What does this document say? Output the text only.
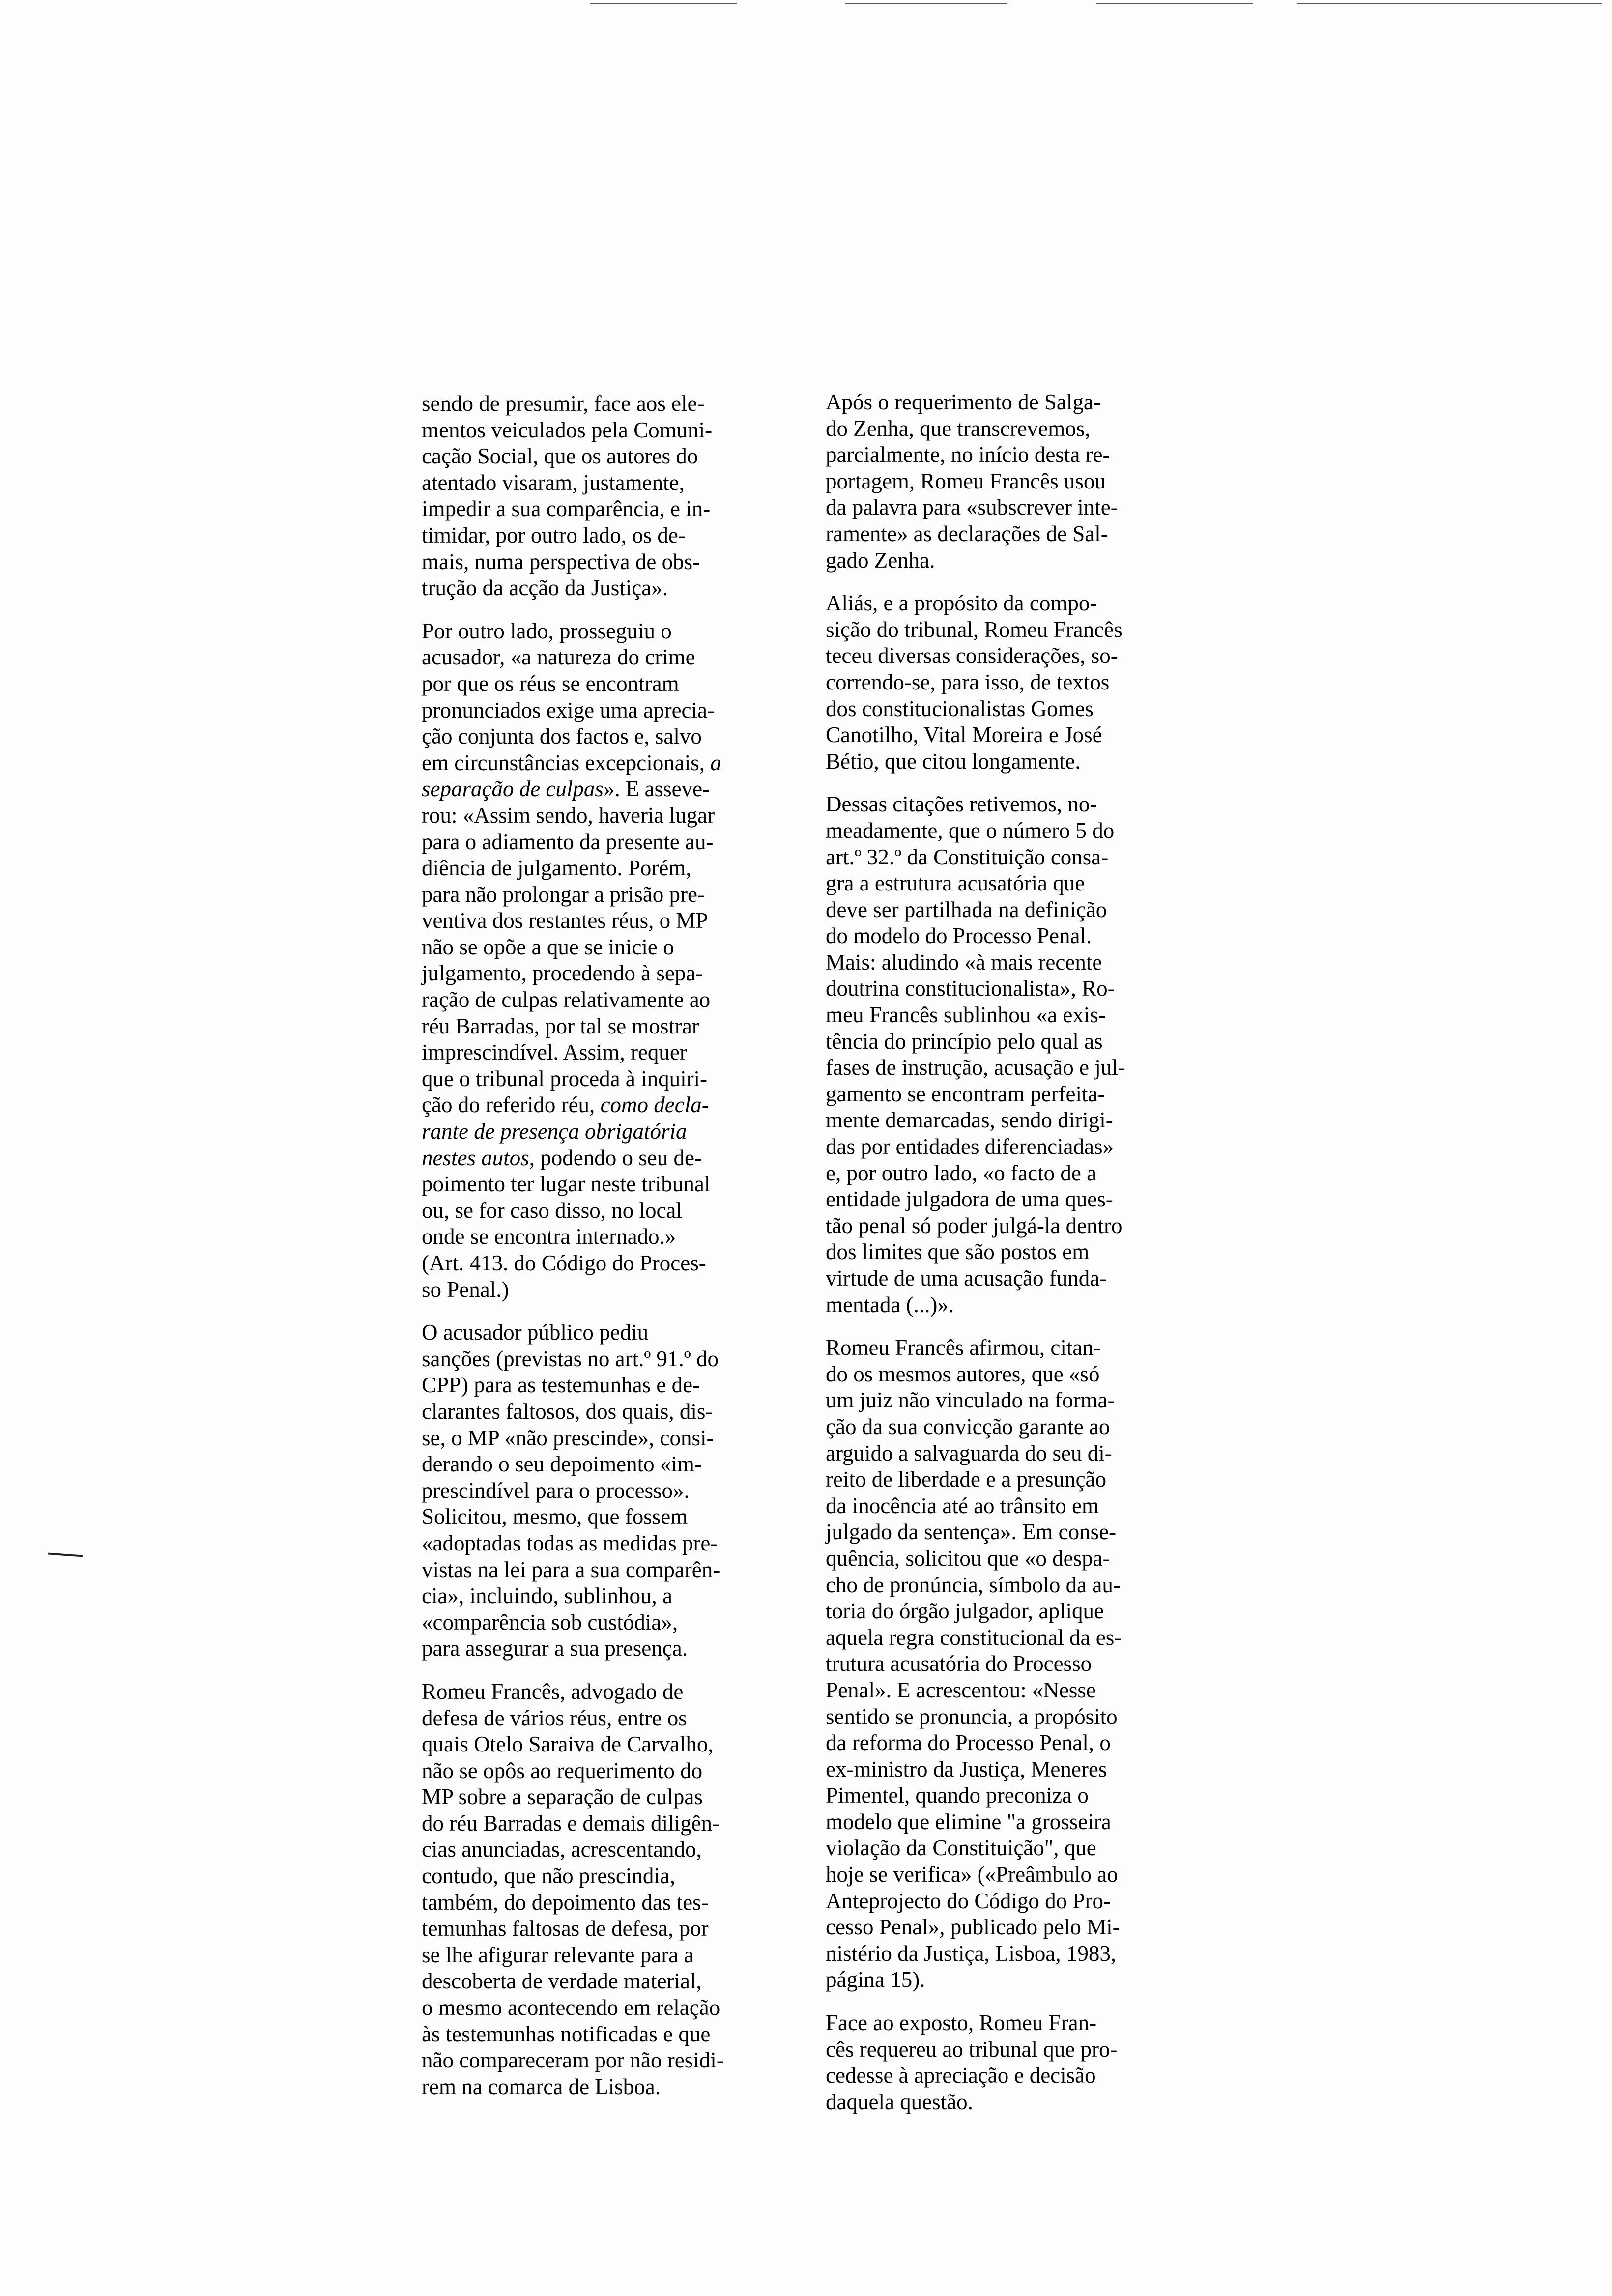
sendo de presumir, face aos ele-
mentos veiculados pela Comuni-
cação Social, que os autores do
atentado visaram, justamente,
impedir a sua comparência, e in-
timidar, por outro lado, os de-
mais, numa perspectiva de obs-
trução da acção da Justiça».

Por outro lado, prosseguiu o
acusador, «a natureza do crime
por que os réus se encontram
pronunciados exige uma aprecia-
ção conjunta dos factos e, salvo
em circunstâncias excepcionais, a
separação de culpas». E asseve-
rou: «Assim sendo, haveria lugar
para o adiamento da presente au-
diência de julgamento. Porém,
para não prolongar a prisão pre-
ventiva dos restantes réus, o MP
não se opõe a que se inicie o
julgamento, procedendo à sepa-
ração de culpas relativamente ao
réu Barradas, por tal se mostrar
imprescindível. Assim, requer
que o tribunal proceda à inquiri-
ção do referido réu, como decla-
rante de presença obrigatória
nestes autos, podendo o seu de-
poimento ter lugar neste tribunal
ou, se for caso disso, no local
onde se encontra internado.»
(Art. 413. do Código do Proces-
so Penal.)

O acusador público pediu
sanções (previstas no art.º 91.º do
CPP) para as testemunhas e de-
clarantes faltosos, dos quais, dis-
se, o MP «não prescinde», consi-
derando o seu depoimento «im-
prescindível para o processo».
Solicitou, mesmo, que fossem
«adoptadas todas as medidas pre-
vistas na lei para a sua comparên-
cia», incluindo, sublinhou, a
«comparência sob custódia»,
para assegurar a sua presença.

Romeu Francês, advogado de
defesa de vários réus, entre os
quais Otelo Saraiva de Carvalho,
não se opôs ao requerimento do
MP sobre a separação de culpas
do réu Barradas e demais diligên-
cias anunciadas, acrescentando,
contudo, que não prescindia,
também, do depoimento das tes-
temunhas faltosas de defesa, por
se lhe afigurar relevante para a
descoberta de verdade material,
o mesmo acontecendo em relação
às testemunhas notificadas e que
não compareceram por não residi-
rem na comarca de Lisboa.

Após o requerimento de Salga-
do Zenha, que transcrevemos,
parcialmente, no início desta re-
portagem, Romeu Francês usou
da palavra para «subscrever inte-
ramente» as declarações de Sal-
gado Zenha.

Aliás, e a propósito da compo-
sição do tribunal, Romeu Francês
teceu diversas considerações, so-
correndo-se, para isso, de textos
dos constitucionalistas Gomes
Canotilho, Vital Moreira e José
Bétio, que citou longamente.

Dessas citações retivemos, no-
meadamente, que o número 5 do
art.º 32.º da Constituição consa-
gra a estrutura acusatória que
deve ser partilhada na definição
do modelo do Processo Penal.
Mais: aludindo «à mais recente
doutrina constitucionalista», Ro-
meu Francês sublinhou «a exis-
tência do princípio pelo qual as
fases de instrução, acusação e jul-
gamento se encontram perfeita-
mente demarcadas, sendo dirigi-
das por entidades diferenciadas»
e, por outro lado, «o facto de a
entidade julgadora de uma ques-
tão penal só poder julgá-la dentro
dos limites que são postos em
virtude de uma acusação funda-
mentada (...)».

Romeu Francês afirmou, citan-
do os mesmos autores, que «só
um juiz não vinculado na forma-
ção da sua convicção garante ao
arguido a salvaguarda do seu di-
reito de liberdade e a presunção
da inocência até ao trânsito em
julgado da sentença». Em conse-
quência, solicitou que «o despa-
cho de pronúncia, símbolo da au-
toria do órgão julgador, aplique
aquela regra constitucional da es-
trutura acusatória do Processo
Penal». E acrescentou: «Nesse
sentido se pronuncia, a propósito
da reforma do Processo Penal, o
ex-ministro da Justiça, Meneres
Pimentel, quando preconiza o
modelo que elimine "a grosseira
violação da Constituição", que
hoje se verifica» («Preâmbulo ao
Anteprojecto do Código do Pro-
cesso Penal», publicado pelo Mi-
nistério da Justiça, Lisboa, 1983,
página 15).

Face ao exposto, Romeu Fran-
cês requereu ao tribunal que pro-
cedesse à apreciação e decisão
daquela questão.
